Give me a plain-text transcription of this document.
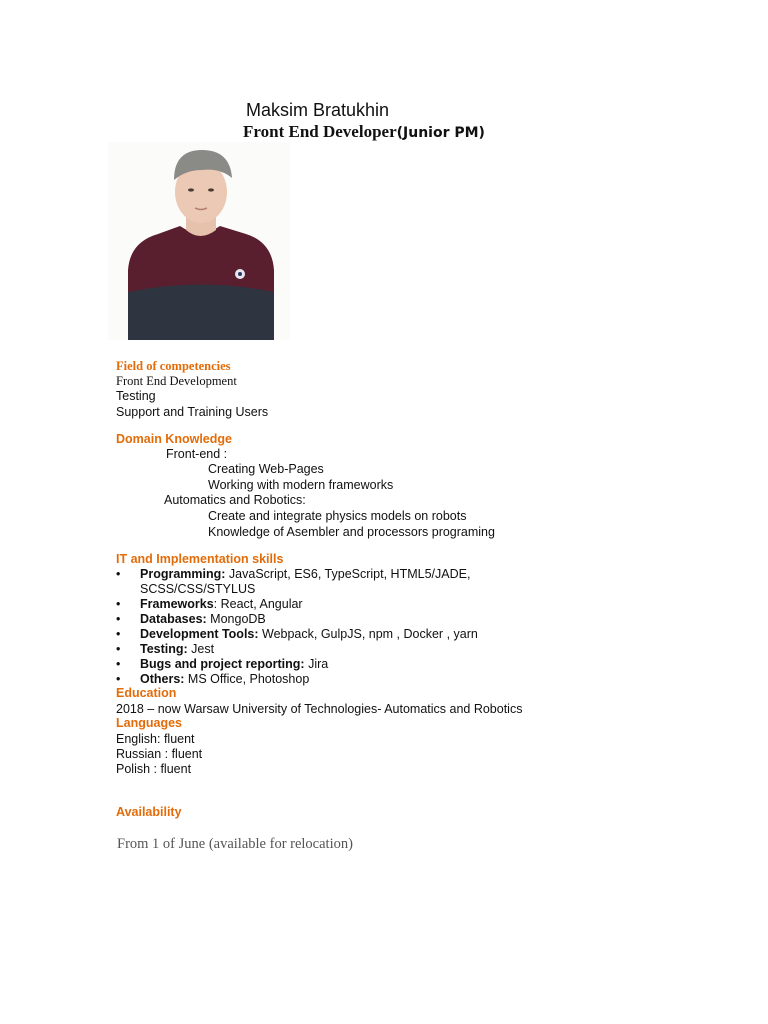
Maksim Bratukhin
Front End Developer(Junior PM)
Field of competencies
Front End Development
Testing
Support and Training Users
Domain Knowledge
Front-end :
Creating Web-Pages
Working with modern frameworks
Automatics and Robotics:
Create and integrate physics models on robots
Knowledge of Asembler and processors programing
IT and Implementation skills
• Programming: JavaScript, ES6, TypeScript, HTML5/JADE,
SCSS/CSS/STYLUS
• Frameworks: React, Angular
• Databases: MongoDB
• Development Tools: Webpack, GulpJS, npm , Docker , yarn
• Testing: Jest
• Bugs and project reporting: Jira
• Others: MS Office, Photoshop
Education
2018 – now Warsaw University of Technologies- Automatics and Robotics
Languages
English: fluent
Russian : fluent
Polish : fluent
Availability
From 1 of June (available for relocation)
